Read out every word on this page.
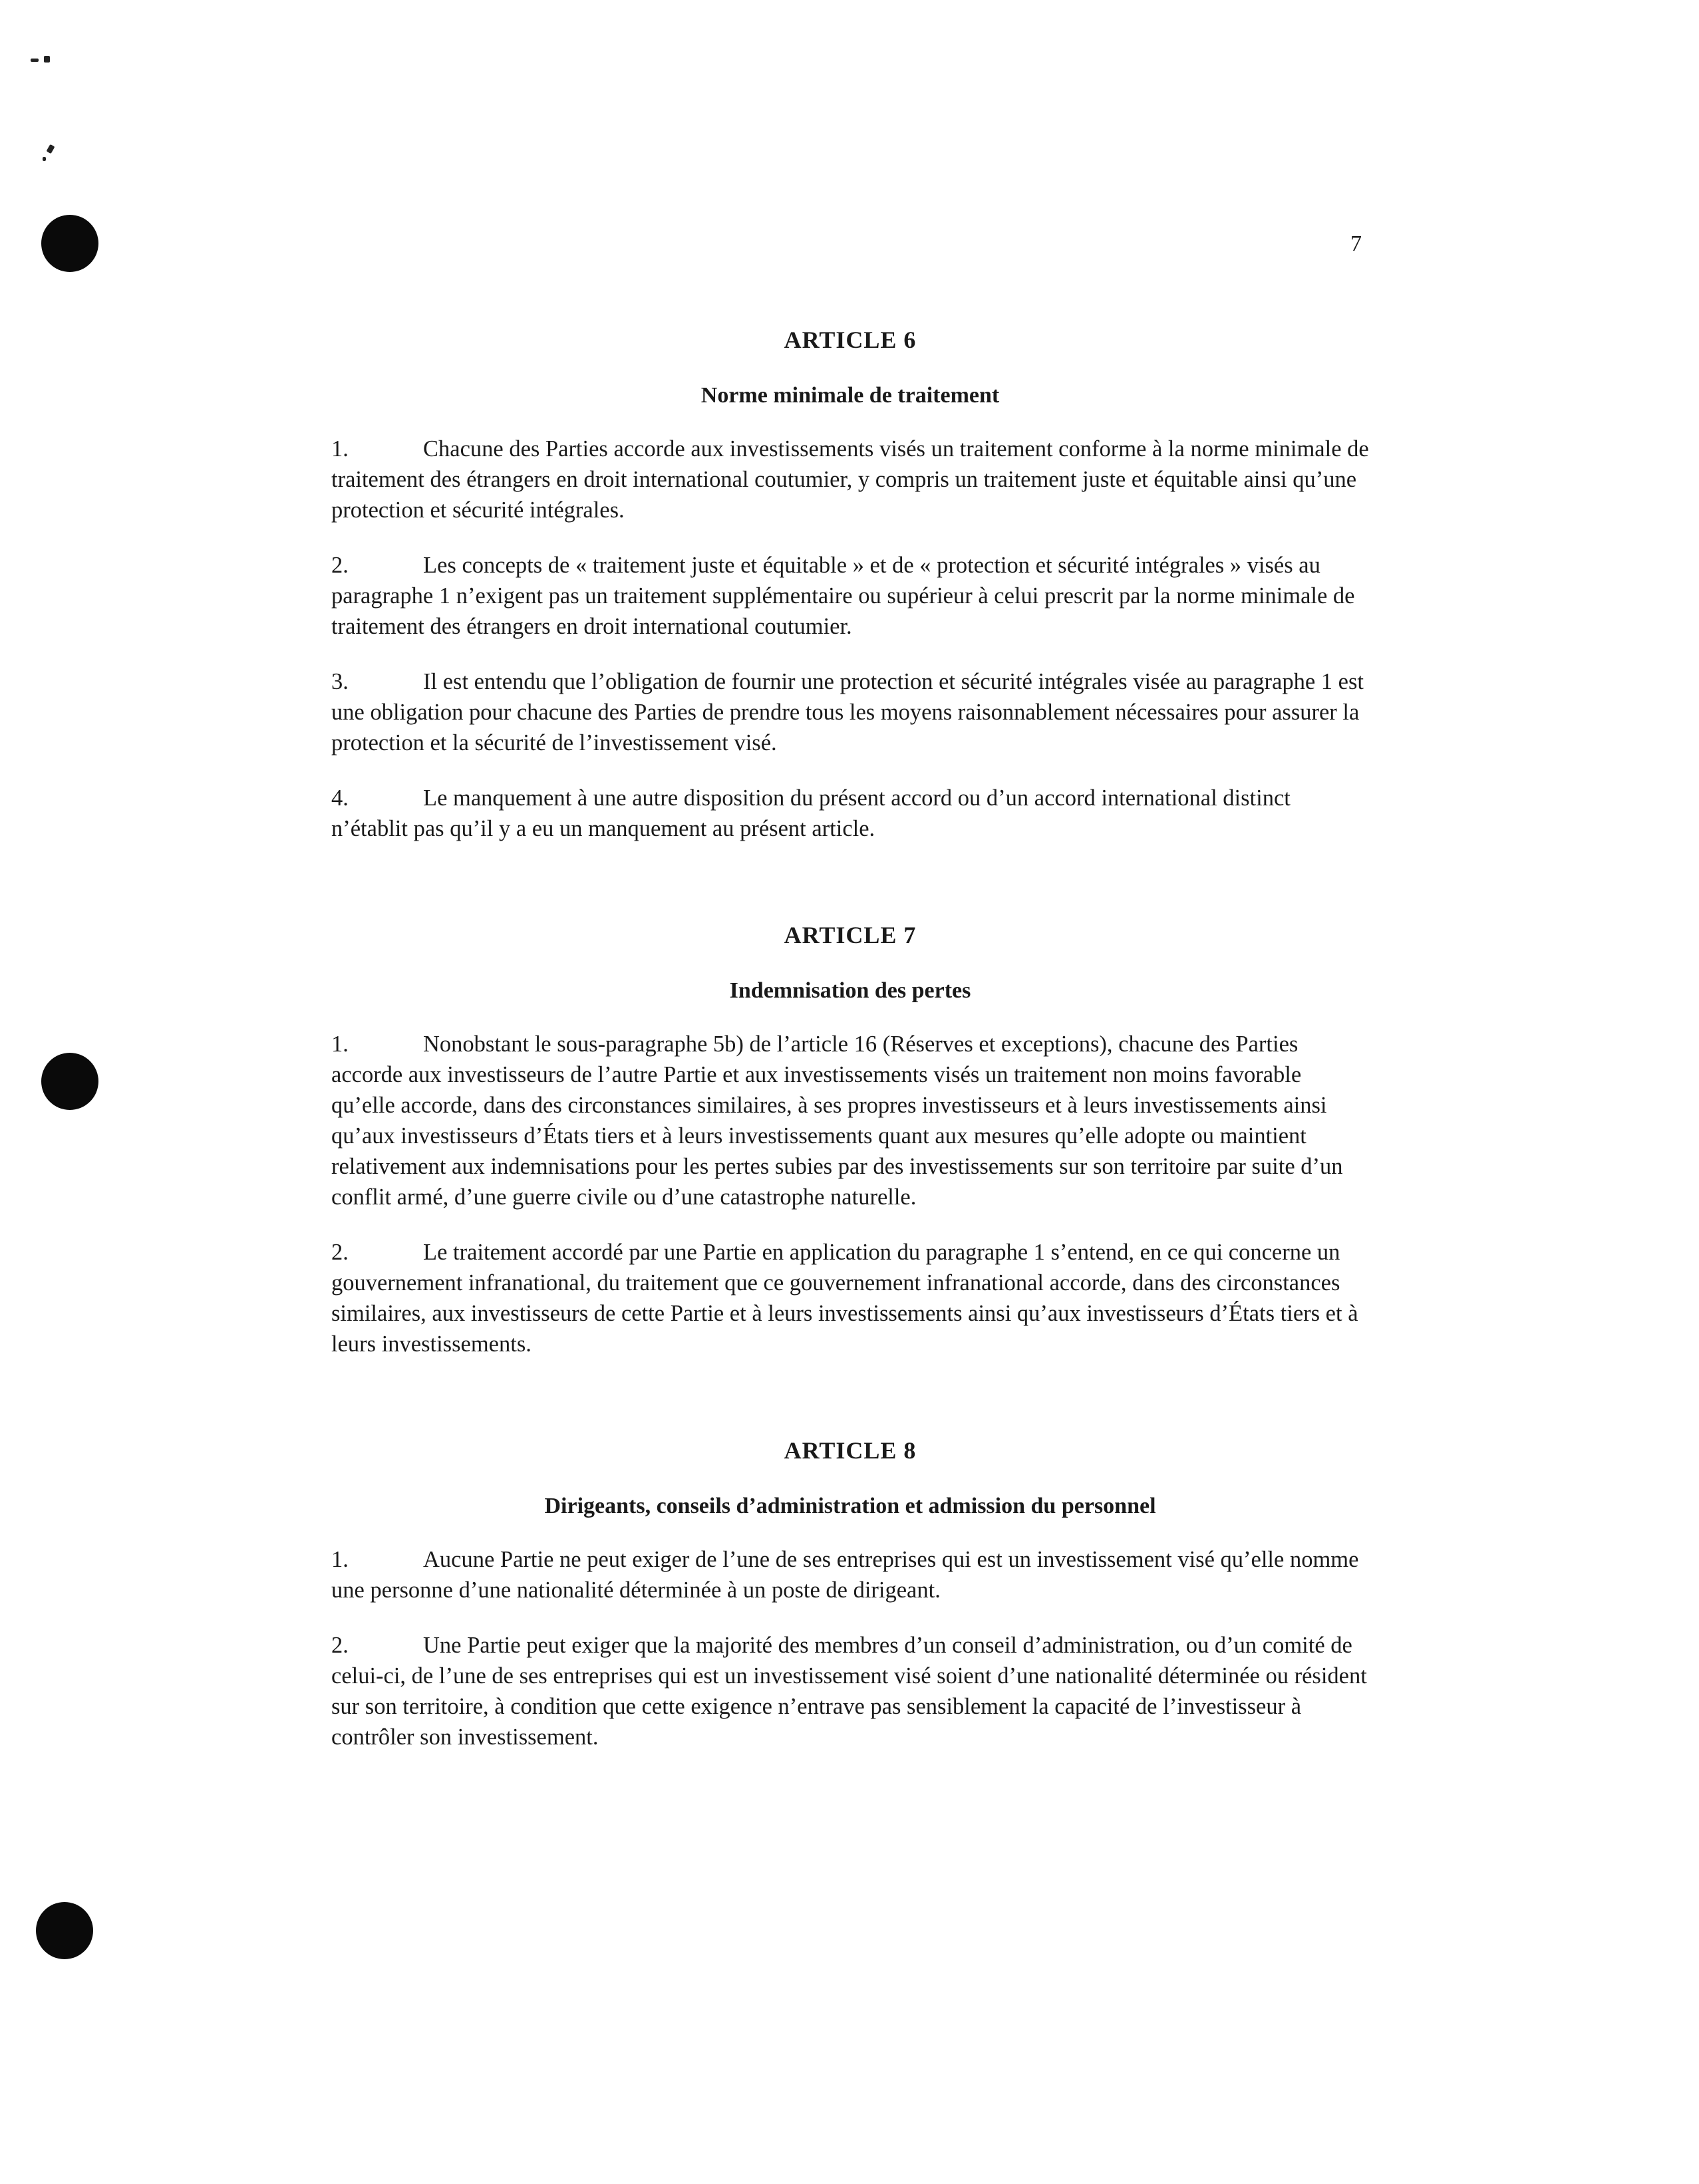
7
ARTICLE 6
Norme minimale de traitement

1.	Chacune des Parties accorde aux investissements visés un traitement conforme à la norme minimale de traitement des étrangers en droit international coutumier, y compris un traitement juste et équitable ainsi qu’une protection et sécurité intégrales.

2.	Les concepts de « traitement juste et équitable » et de « protection et sécurité intégrales » visés au paragraphe 1 n’exigent pas un traitement supplémentaire ou supérieur à celui prescrit par la norme minimale de traitement des étrangers en droit international coutumier.

3.	Il est entendu que l’obligation de fournir une protection et sécurité intégrales visée au paragraphe 1 est une obligation pour chacune des Parties de prendre tous les moyens raisonnablement nécessaires pour assurer la protection et la sécurité de l’investissement visé.

4.	Le manquement à une autre disposition du présent accord ou d’un accord international distinct n’établit pas qu’il y a eu un manquement au présent article.

ARTICLE 7
Indemnisation des pertes

1.	Nonobstant le sous-paragraphe 5b) de l’article 16 (Réserves et exceptions), chacune des Parties accorde aux investisseurs de l’autre Partie et aux investissements visés un traitement non moins favorable qu’elle accorde, dans des circonstances similaires, à ses propres investisseurs et à leurs investissements ainsi qu’aux investisseurs d’États tiers et à leurs investissements quant aux mesures qu’elle adopte ou maintient relativement aux indemnisations pour les pertes subies par des investissements sur son territoire par suite d’un conflit armé, d’une guerre civile ou d’une catastrophe naturelle.

2.	Le traitement accordé par une Partie en application du paragraphe 1 s’entend, en ce qui concerne un gouvernement infranational, du traitement que ce gouvernement infranational accorde, dans des circonstances similaires, aux investisseurs de cette Partie et à leurs investissements ainsi qu’aux investisseurs d’États tiers et à leurs investissements.

ARTICLE 8
Dirigeants, conseils d’administration et admission du personnel

1.	Aucune Partie ne peut exiger de l’une de ses entreprises qui est un investissement visé qu’elle nomme une personne d’une nationalité déterminée à un poste de dirigeant.

2.	Une Partie peut exiger que la majorité des membres d’un conseil d’administration, ou d’un comité de celui-ci, de l’une de ses entreprises qui est un investissement visé soient d’une nationalité déterminée ou résident sur son territoire, à condition que cette exigence n’entrave pas sensiblement la capacité de l’investisseur à contrôler son investissement.
